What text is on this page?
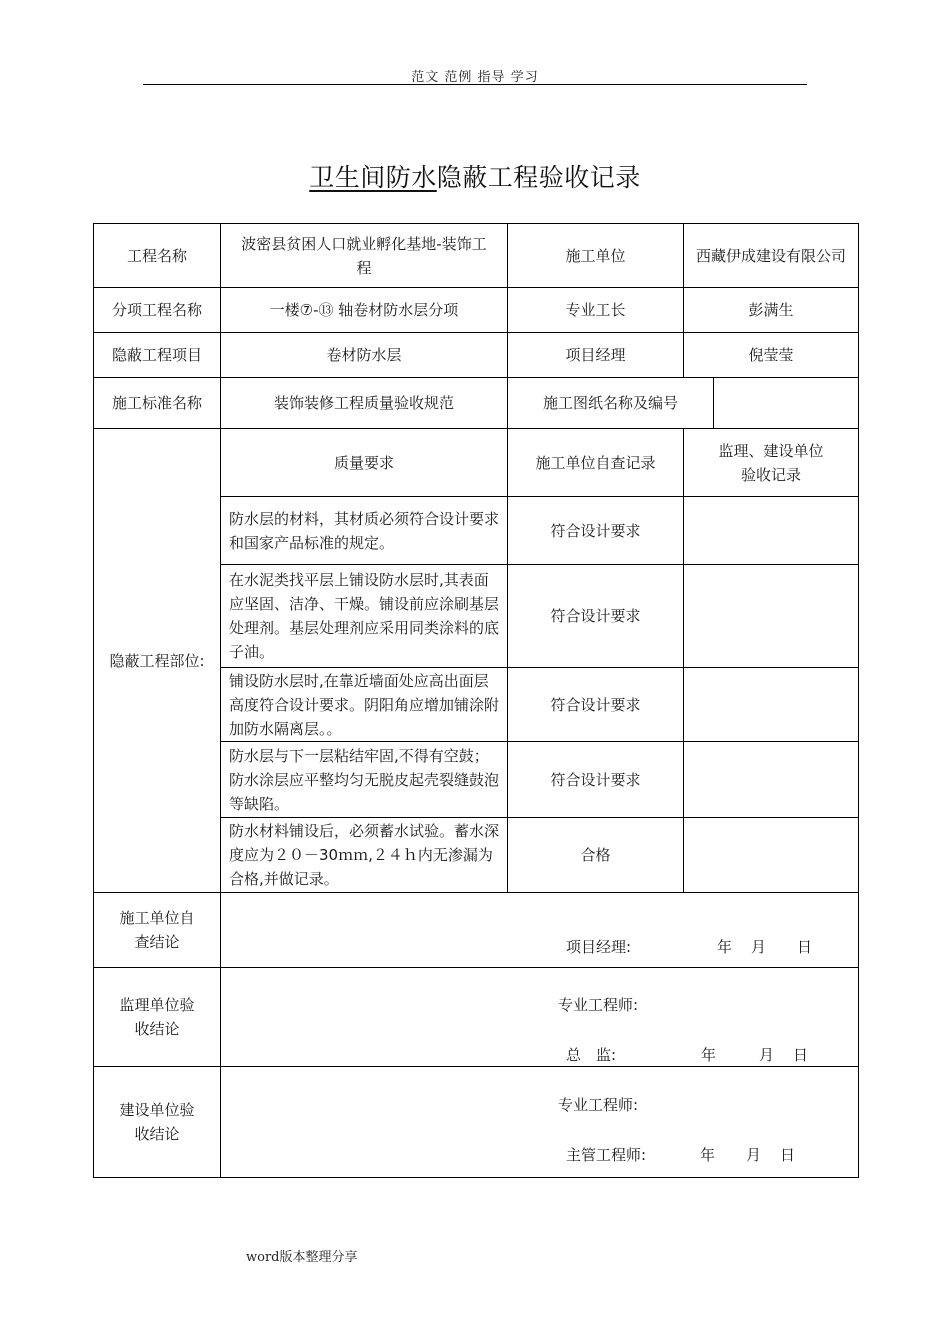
范文 范例 指导 学习
卫生间防水隐蔽工程验收记录
工程名称	波密县贫困人口就业孵化基地-装饰工程	施工单位	西藏伊成建设有限公司	
分项工程名称	一楼⑦-⑬ 轴卷材防水层分项	专业工长	彭满生	
隐蔽工程项目	卷材防水层	项目经理	倪莹莹	
施工标准名称	装饰装修工程质量验收规范	施工图纸名称及编号		
隐蔽工程部位:	质量要求	施工单位自查记录	监理、建设单位验收记录	
	防水层的材料，其材质必须符合设计要求和国家产品标准的规定。	符合设计要求		
	在水泥类找平层上铺设防水层时,其表面应坚固、洁净、干燥。铺设前应涂刷基层处理剂。基层处理剂应采用同类涂料的底子油。	符合设计要求		
	铺设防水层时,在靠近墙面处应高出面层高度符合设计要求。阴阳角应增加铺涂附加防水隔离层。。	符合设计要求		
	防水层与下一层粘结牢固,不得有空鼓；防水涂层应平整均匀无脱皮起壳裂缝鼓泡等缺陷。	符合设计要求		
	防水材料铺设后，必须蓄水试验。蓄水深度应为２０－30ｍｍ,２４ｈ内无渗漏为合格,并做记录。	合格		
施工单位自查结论	项目经理: 年 月 日			

监理单位验收结论	专业工程师:
总　监: 年 月 日			

建设单位验收结论	专业工程师:
主管工程师: 年 月 日			
word版本整理分享
